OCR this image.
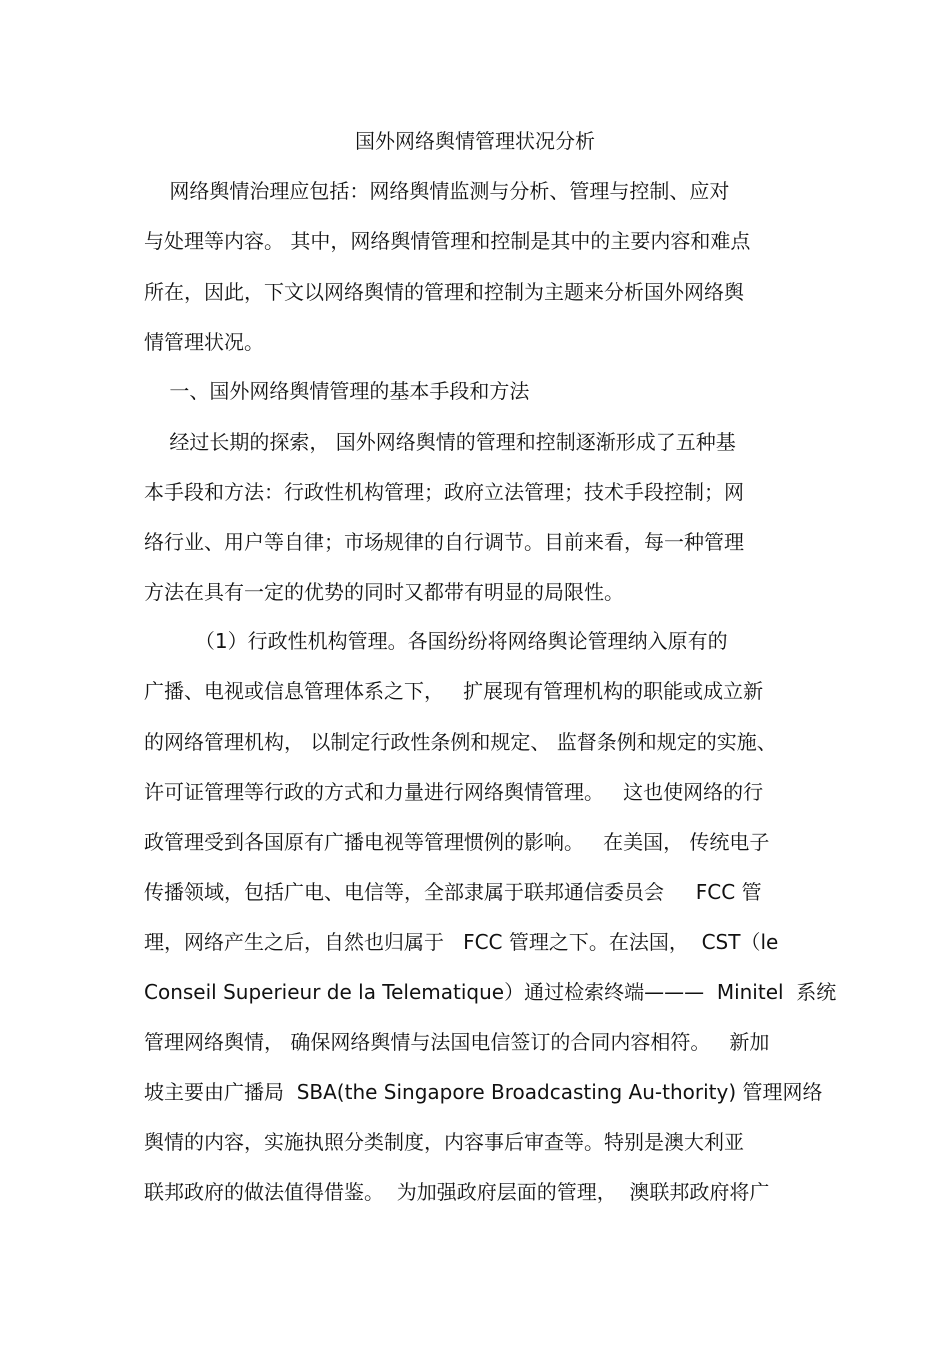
国外网络舆情管理状况分析
网络舆情治理应包括：网络舆情监测与分析、管理与控制、应对
与处理等内容。 其中，网络舆情管理和控制是其中的主要内容和难点
所在，因此，下文以网络舆情的管理和控制为主题来分析国外网络舆
情管理状况。
一、国外网络舆情管理的基本手段和方法
经过长期的探索， 国外网络舆情的管理和控制逐渐形成了五种基
本手段和方法：行政性机构管理；政府立法管理；技术手段控制；网
络行业、用户等自律；市场规律的自行调节。目前来看，每一种管理
方法在具有一定的优势的同时又都带有明显的局限性。
（1）行政性机构管理。各国纷纷将网络舆论管理纳入原有的
广播、电视或信息管理体系之下，   扩展现有管理机构的职能或成立新
的网络管理机构， 以制定行政性条例和规定、 监督条例和规定的实施、
许可证管理等行政的方式和力量进行网络舆情管理。   这也使网络的行
政管理受到各国原有广播电视等管理惯例的影响。   在美国， 传统电子
传播领域，包括广电、电信等，全部隶属于联邦通信委员会     FCC 管
理，网络产生之后，自然也归属于   FCC 管理之下。在法国，  CST（le
Conseil Superieur de la Telematique）通过检索终端———  Minitel  系统
管理网络舆情， 确保网络舆情与法国电信签订的合同内容相符。   新加
坡主要由广播局  SBA(the Singapore Broadcasting Au-thority) 管理网络
舆情的内容，实施执照分类制度，内容事后审查等。特别是澳大利亚
联邦政府的做法值得借鉴。  为加强政府层面的管理，  澳联邦政府将广
